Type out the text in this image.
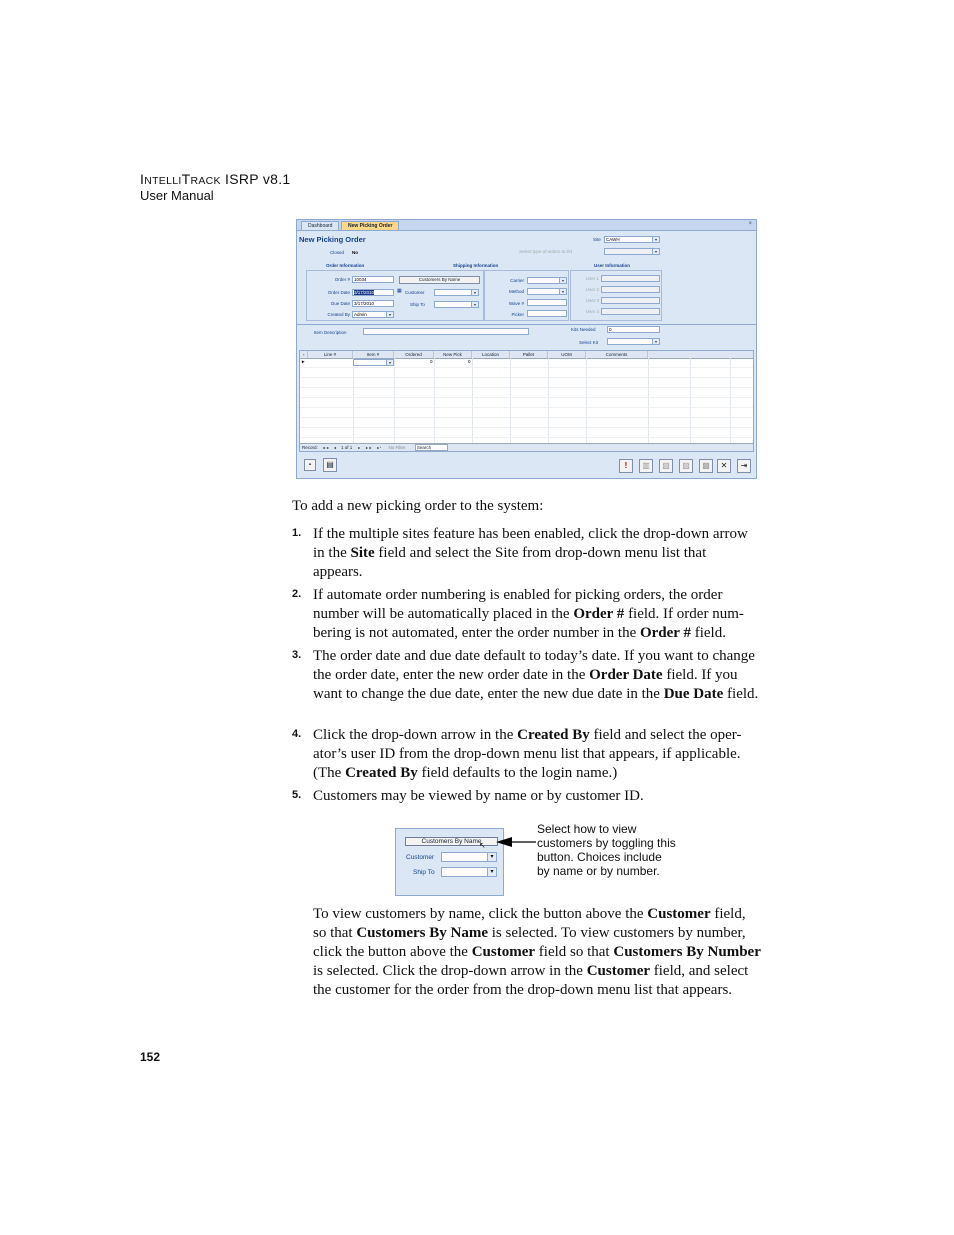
INTELLITRACK ISRP v8.1
User Manual
Dashboard	New Picking Order	×
New Picking Order
Closed No
Site	CAWH	▾
Select type of orders to list	▾
Order Information	Shipping Information	User Information
Order # 10034
Order Date 3/17/2010
Due Date 3/17/2010
Created By Admin	▾
Customers By Name
▦ Customer	▾
Ship To	▾
Carrier	▾
Method	▾
Wave #
Picker
User 1
User 2
User 3
User 4
Item Description
Kits Needed	0
Select Kit	▾
▫	Line #	Item #	Ordered	New Pick	Location	Pallet	UOM	Comments
►	▾	0	0
Record: ◄◄ ◄ 1 of 1 ► ►► ►* No Filter	Search
▪	▤	!	▥	▧	▨	▩	✕	⇥
To add a new picking order to the system:
1. If the multiple sites feature has been enabled, click the drop-down arrow in the Site field and select the Site from drop-down menu list that appears.
2. If automate order numbering is enabled for picking orders, the order number will be automatically placed in the Order # field. If order num-bering is not automated, enter the order number in the Order # field.
3. The order date and due date default to today’s date. If you want to change the order date, enter the new order date in the Order Date field. If you want to change the due date, enter the new due date in the Due Date field.
4. Click the drop-down arrow in the Created By field and select the oper-ator’s user ID from the drop-down menu list that appears, if applicable. (The Created By field defaults to the login name.)
5. Customers may be viewed by name or by customer ID.
Customers By Name
↖
Customer	▾
Ship To	▾
Select how to view customers by toggling this button. Choices include by name or by number.
To view customers by name, click the button above the Customer field, so that Customers By Name is selected. To view customers by number, click the button above the Customer field so that Customers By Number is selected. Click the drop-down arrow in the Customer field, and select the customer for the order from the drop-down menu list that appears.
152
